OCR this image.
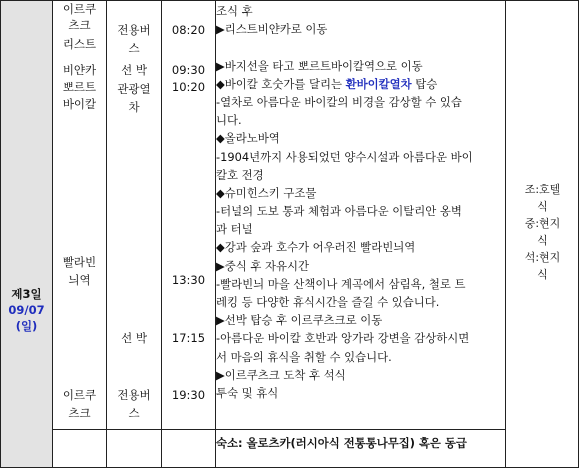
제3일
09/07
(일)
이르쿠
츠크
리스트
비얀카
뽀르트
바이칼
빨라빈
늬역
이르쿠
츠크
전용버
스
선 박
관광열
차
선 박
전용버
스
08:20
09:30
10:20
13:30
17:15
19:30
조식 후
▶리스트비얀카로 이동
▶바지선을 타고 뽀르트바이칼역으로 이동
◆바이칼 호숫가를 달리는 환바이칼열차 탑승
-열차로 아름다운 바이칼의 비경을 감상할 수 있습
니다.
◆올라노바역
-1904년까지 사용되었던 양수시설과 아름다운 바이
칼호 전경
◆슈미힌스키 구조물
-터널의 도보 통과 체험과 아름다운 이탈리안 옹벽
과 터널
◆강과 숲과 호수가 어우러진 빨라빈늬역
▶중식 후 자유시간
-빨라빈늬 마을 산책이나 계곡에서 삼림욕, 철로 트
레킹 등 다양한 휴식시간을 즐길 수 있습니다.
▶선박 탑승 후 이르쿠츠크로 이동
-아름다운 바이칼 호반과 앙가라 강변을 감상하시면
서 마음의 휴식을 취할 수 있습니다.
▶이르쿠츠크 도착 후 석식
투숙 및 휴식
숙소: 올로츠카(러시아식 전통통나무집) 혹은 동급
조:호텔
식
중:현지
식
석:현지
식
